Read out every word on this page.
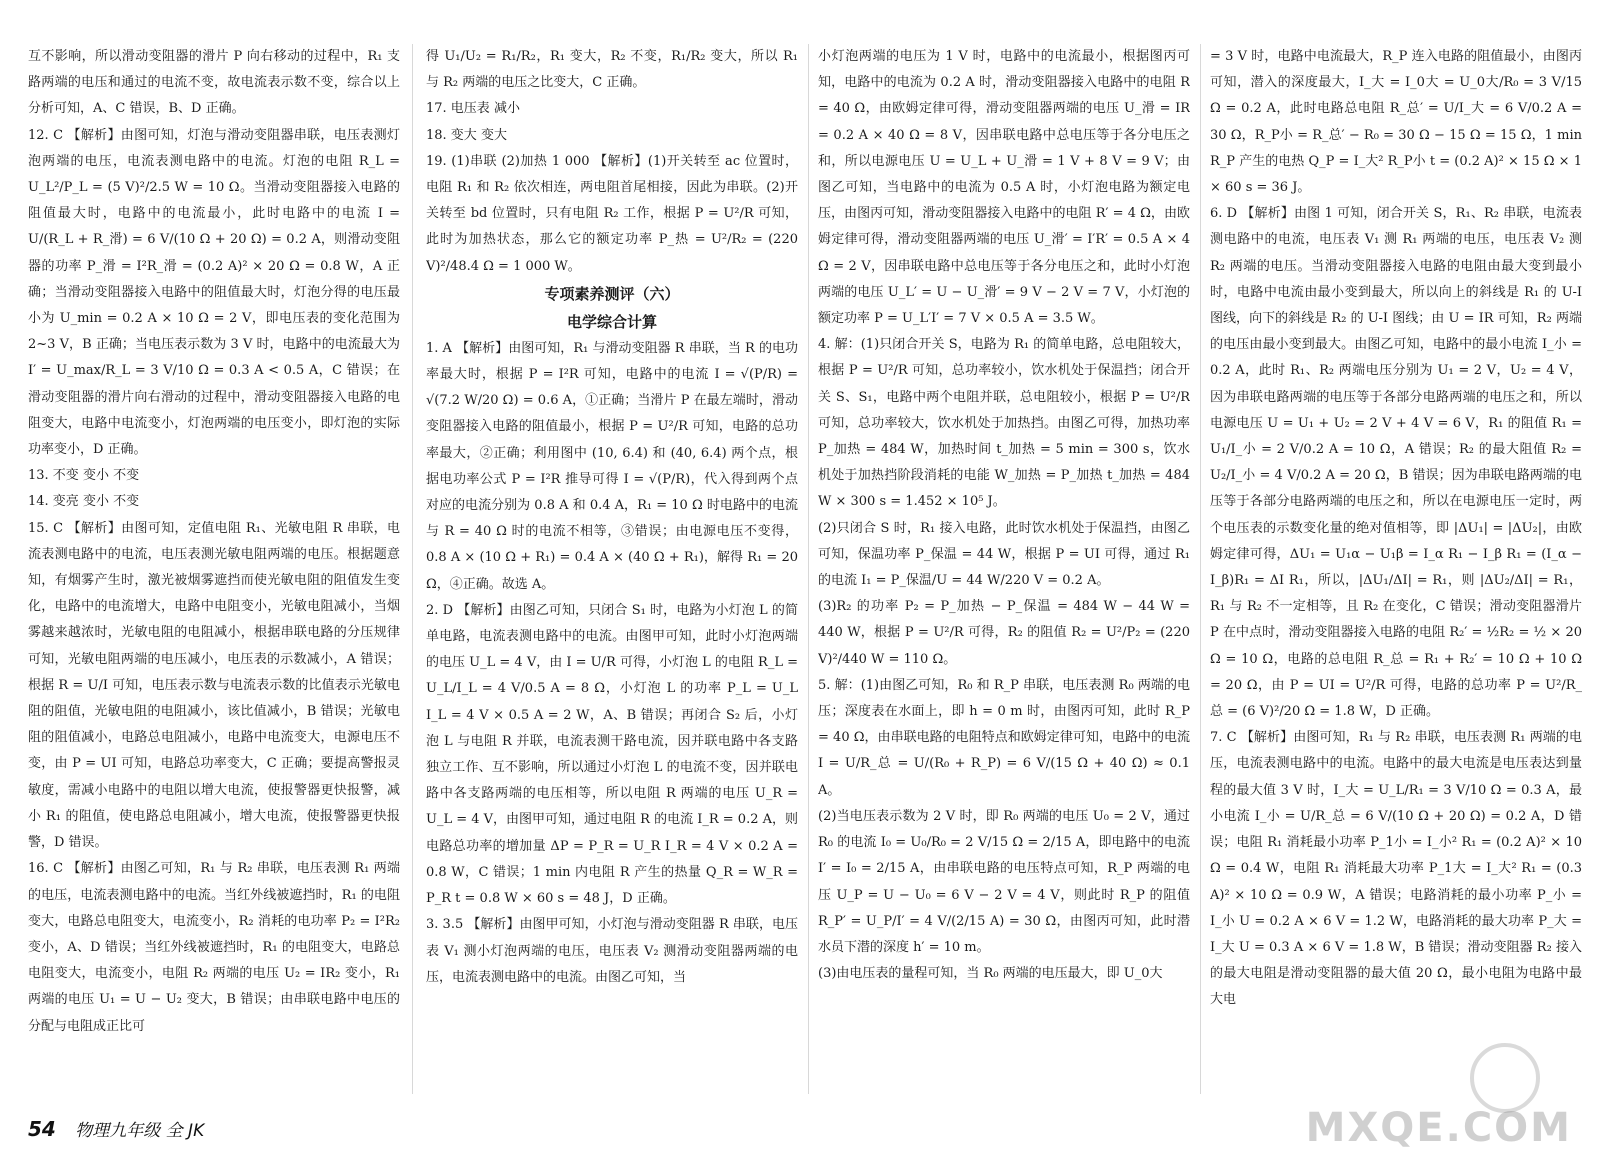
互不影响，所以滑动变阻器的滑片 P 向右移动的过程中，R₁ 支路两端的电压和通过的电流不变，故电流表示数不变，综合以上分析可知，A、C 错误，B、D 正确。

12. C 【解析】由图可知，灯泡与滑动变阻器串联，电压表测灯泡两端的电压，电流表测电路中的电流。灯泡的电阻 R_L = U_L²/P_L = (5 V)²/2.5 W = 10 Ω。当滑动变阻器接入电路的阻值最大时，电路中的电流最小，此时电路中的电流 I = U/(R_L + R_滑) = 6 V/(10 Ω + 20 Ω) = 0.2 A，则滑动变阻器的功率 P_滑 = I²R_滑 = (0.2 A)² × 20 Ω = 0.8 W，A 正确；当滑动变阻器接入电路中的阻值最大时，灯泡分得的电压最小为 U_min = 0.2 A × 10 Ω = 2 V，即电压表的变化范围为 2~3 V，B 正确；当电压表示数为 3 V 时，电路中的电流最大为 I′ = U_max/R_L = 3 V/10 Ω = 0.3 A < 0.5 A，C 错误；在滑动变阻器的滑片向右滑动的过程中，滑动变阻器接入电路的电阻变大，电路中电流变小，灯泡两端的电压变小，即灯泡的实际功率变小，D 正确。

13. 不变 变小 不变

14. 变亮 变小 不变

15. C 【解析】由图可知，定值电阻 R₁、光敏电阻 R 串联，电流表测电路中的电流，电压表测光敏电阻两端的电压。根据题意知，有烟雾产生时，激光被烟雾遮挡而使光敏电阻的阻值发生变化，电路中的电流增大，电路中电阻变小，光敏电阻减小，当烟雾越来越浓时，光敏电阻的电阻减小，根据串联电路的分压规律可知，光敏电阻两端的电压减小，电压表的示数减小，A 错误；根据 R = U/I 可知，电压表示数与电流表示数的比值表示光敏电阻的阻值，光敏电阻的电阻减小，该比值减小，B 错误；光敏电阻的阻值减小，电路总电阻减小，电路中电流变大，电源电压不变，由 P = UI 可知，电路总功率变大，C 正确；要提高警报灵敏度，需减小电路中的电阻以增大电流，使报警器更快报警，减小 R₁ 的阻值，使电路总电阻减小，增大电流，使报警器更快报警，D 错误。

16. C 【解析】由图乙可知，R₁ 与 R₂ 串联，电压表测 R₁ 两端的电压，电流表测电路中的电流。当红外线被遮挡时，R₁ 的电阻变大，电路总电阻变大，电流变小，R₂ 消耗的电功率 P₂ = I²R₂ 变小，A、D 错误；当红外线被遮挡时，R₁ 的电阻变大，电路总电阻变大，电流变小，电阻 R₂ 两端的电压 U₂ = IR₂ 变小，R₁ 两端的电压 U₁ = U − U₂ 变大，B 错误；由串联电路中电压的分配与电阻成正比可

得 U₁/U₂ = R₁/R₂，R₁ 变大，R₂ 不变，R₁/R₂ 变大，所以 R₁ 与 R₂ 两端的电压之比变大，C 正确。

17. 电压表 减小

18. 变大 变大

19. (1)串联 (2)加热 1 000 【解析】(1)开关转至 ac 位置时，电阻 R₁ 和 R₂ 依次相连，两电阻首尾相接，因此为串联。(2)开关转至 bd 位置时，只有电阻 R₂ 工作，根据 P = U²/R 可知，此时为加热状态，那么它的额定功率 P_热 = U²/R₂ = (220 V)²/48.4 Ω = 1 000 W。

专项素养测评（六）

电学综合计算

1. A 【解析】由图可知，R₁ 与滑动变阻器 R 串联，当 R 的电功率最大时，根据 P = I²R 可知，电路中的电流 I = √(P/R) = √(7.2 W/20 Ω) = 0.6 A，①正确；当滑片 P 在最左端时，滑动变阻器接入电路的阻值最小，根据 P = U²/R 可知，电路的总功率最大，②正确；利用图中 (10, 6.4) 和 (40, 6.4) 两个点，根据电功率公式 P = I²R 推导可得 I = √(P/R)，代入得到两个点对应的电流分别为 0.8 A 和 0.4 A，R₁ = 10 Ω 时电路中的电流与 R = 40 Ω 时的电流不相等，③错误；由电源电压不变得，0.8 A × (10 Ω + R₁) = 0.4 A × (40 Ω + R₁)，解得 R₁ = 20 Ω，④正确。故选 A。

2. D 【解析】由图乙可知，只闭合 S₁ 时，电路为小灯泡 L 的简单电路，电流表测电路中的电流。由图甲可知，此时小灯泡两端的电压 U_L = 4 V，由 I = U/R 可得，小灯泡 L 的电阻 R_L = U_L/I_L = 4 V/0.5 A = 8 Ω，小灯泡 L 的功率 P_L = U_L I_L = 4 V × 0.5 A = 2 W，A、B 错误；再闭合 S₂ 后，小灯泡 L 与电阻 R 并联，电流表测干路电流，因并联电路中各支路独立工作、互不影响，所以通过小灯泡 L 的电流不变，因并联电路中各支路两端的电压相等，所以电阻 R 两端的电压 U_R = U_L = 4 V，由图甲可知，通过电阻 R 的电流 I_R = 0.2 A，则电路总功率的增加量 ΔP = P_R = U_R I_R = 4 V × 0.2 A = 0.8 W，C 错误；1 min 内电阻 R 产生的热量 Q_R = W_R = P_R t = 0.8 W × 60 s = 48 J，D 正确。

3. 3.5 【解析】由图甲可知，小灯泡与滑动变阻器 R 串联，电压表 V₁ 测小灯泡两端的电压，电压表 V₂ 测滑动变阻器两端的电压，电流表测电路中的电流。由图乙可知，当

小灯泡两端的电压为 1 V 时，电路中的电流最小，根据图丙可知，电路中的电流为 0.2 A 时，滑动变阻器接入电路中的电阻 R = 40 Ω，由欧姆定律可得，滑动变阻器两端的电压 U_滑 = IR = 0.2 A × 40 Ω = 8 V，因串联电路中总电压等于各分电压之和，所以电源电压 U = U_L + U_滑 = 1 V + 8 V = 9 V；由图乙可知，当电路中的电流为 0.5 A 时，小灯泡电路为额定电压，由图丙可知，滑动变阻器接入电路中的电阻 R′ = 4 Ω，由欧姆定律可得，滑动变阻器两端的电压 U_滑′ = I′R′ = 0.5 A × 4 Ω = 2 V，因串联电路中总电压等于各分电压之和，此时小灯泡两端的电压 U_L′ = U − U_滑′ = 9 V − 2 V = 7 V，小灯泡的额定功率 P = U_L′I′ = 7 V × 0.5 A = 3.5 W。

4. 解：(1)只闭合开关 S，电路为 R₁ 的简单电路，总电阻较大，根据 P = U²/R 可知，总功率较小，饮水机处于保温挡；闭合开关 S、S₁，电路中两个电阻并联，总电阻较小，根据 P = U²/R 可知，总功率较大，饮水机处于加热挡。由图乙可得，加热功率 P_加热 = 484 W，加热时间 t_加热 = 5 min = 300 s，饮水机处于加热挡阶段消耗的电能 W_加热 = P_加热 t_加热 = 484 W × 300 s = 1.452 × 10⁵ J。

(2)只闭合 S 时，R₁ 接入电路，此时饮水机处于保温挡，由图乙可知，保温功率 P_保温 = 44 W，根据 P = UI 可得，通过 R₁ 的电流 I₁ = P_保温/U = 44 W/220 V = 0.2 A。

(3)R₂ 的功率 P₂ = P_加热 − P_保温 = 484 W − 44 W = 440 W，根据 P = U²/R 可得，R₂ 的阻值 R₂ = U²/P₂ = (220 V)²/440 W = 110 Ω。

5. 解：(1)由图乙可知，R₀ 和 R_P 串联，电压表测 R₀ 两端的电压；深度表在水面上，即 h = 0 m 时，由图丙可知，此时 R_P = 40 Ω，由串联电路的电阻特点和欧姆定律可知，电路中的电流 I = U/R_总 = U/(R₀ + R_P) = 6 V/(15 Ω + 40 Ω) ≈ 0.1 A。

(2)当电压表示数为 2 V 时，即 R₀ 两端的电压 U₀ = 2 V，通过 R₀ 的电流 I₀ = U₀/R₀ = 2 V/15 Ω = 2/15 A，即电路中的电流 I′ = I₀ = 2/15 A，由串联电路的电压特点可知，R_P 两端的电压 U_P = U − U₀ = 6 V − 2 V = 4 V，则此时 R_P 的阻值 R_P′ = U_P/I′ = 4 V/(2/15 A) = 30 Ω，由图丙可知，此时潜水员下潜的深度 h′ = 10 m。

(3)由电压表的量程可知，当 R₀ 两端的电压最大，即 U_0大

= 3 V 时，电路中电流最大，R_P 连入电路的阻值最小，由图丙可知，潜入的深度最大，I_大 = I_0大 = U_0大/R₀ = 3 V/15 Ω = 0.2 A，此时电路总电阻 R_总′ = U/I_大 = 6 V/0.2 A = 30 Ω，R_P小 = R_总′ − R₀ = 30 Ω − 15 Ω = 15 Ω，1 min R_P 产生的电热 Q_P = I_大² R_P小 t = (0.2 A)² × 15 Ω × 1 × 60 s = 36 J。

6. D 【解析】由图 1 可知，闭合开关 S，R₁、R₂ 串联，电流表测电路中的电流，电压表 V₁ 测 R₁ 两端的电压，电压表 V₂ 测 R₂ 两端的电压。当滑动变阻器接入电路的电阻由最大变到最小时，电路中电流由最小变到最大，所以向上的斜线是 R₁ 的 U-I 图线，向下的斜线是 R₂ 的 U-I 图线；由 U = IR 可知，R₂ 两端的电压由最小变到最大。由图乙可知，电路中的最小电流 I_小 = 0.2 A，此时 R₁、R₂ 两端电压分别为 U₁ = 2 V，U₂ = 4 V，因为串联电路两端的电压等于各部分电路两端的电压之和，所以电源电压 U = U₁ + U₂ = 2 V + 4 V = 6 V，R₁ 的阻值 R₁ = U₁/I_小 = 2 V/0.2 A = 10 Ω，A 错误；R₂ 的最大阻值 R₂ = U₂/I_小 = 4 V/0.2 A = 20 Ω，B 错误；因为串联电路两端的电压等于各部分电路两端的电压之和，所以在电源电压一定时，两个电压表的示数变化量的绝对值相等，即 |ΔU₁| = |ΔU₂|，由欧姆定律可得，ΔU₁ = U₁α − U₁β = I_α R₁ − I_β R₁ = (I_α − I_β)R₁ = ΔI R₁，所以，|ΔU₁/ΔI| = R₁，则 |ΔU₂/ΔI| = R₁，R₁ 与 R₂ 不一定相等，且 R₂ 在变化，C 错误；滑动变阻器滑片 P 在中点时，滑动变阻器接入电路的电阻 R₂′ = ½R₂ = ½ × 20 Ω = 10 Ω，电路的总电阻 R_总 = R₁ + R₂′ = 10 Ω + 10 Ω = 20 Ω，由 P = UI = U²/R 可得，电路的总功率 P = U²/R_总 = (6 V)²/20 Ω = 1.8 W，D 正确。

7. C 【解析】由图可知，R₁ 与 R₂ 串联，电压表测 R₁ 两端的电压，电流表测电路中的电流。电路中的最大电流是电压表达到量程的最大值 3 V 时，I_大 = U_L/R₁ = 3 V/10 Ω = 0.3 A，最小电流 I_小 = U/R_总 = 6 V/(10 Ω + 20 Ω) = 0.2 A，D 错误；电阻 R₁ 消耗最小功率 P_1小 = I_小² R₁ = (0.2 A)² × 10 Ω = 0.4 W，电阻 R₁ 消耗最大功率 P_1大 = I_大² R₁ = (0.3 A)² × 10 Ω = 0.9 W，A 错误；电路消耗的最小功率 P_小 = I_小 U = 0.2 A × 6 V = 1.2 W，电路消耗的最大功率 P_大 = I_大 U = 0.3 A × 6 V = 1.8 W，B 错误；滑动变阻器 R₂ 接入的最大电阻是滑动变阻器的最大值 20 Ω，最小电阻为电路中最大电

54 物理九年级 全 JK	MXQE.COM
